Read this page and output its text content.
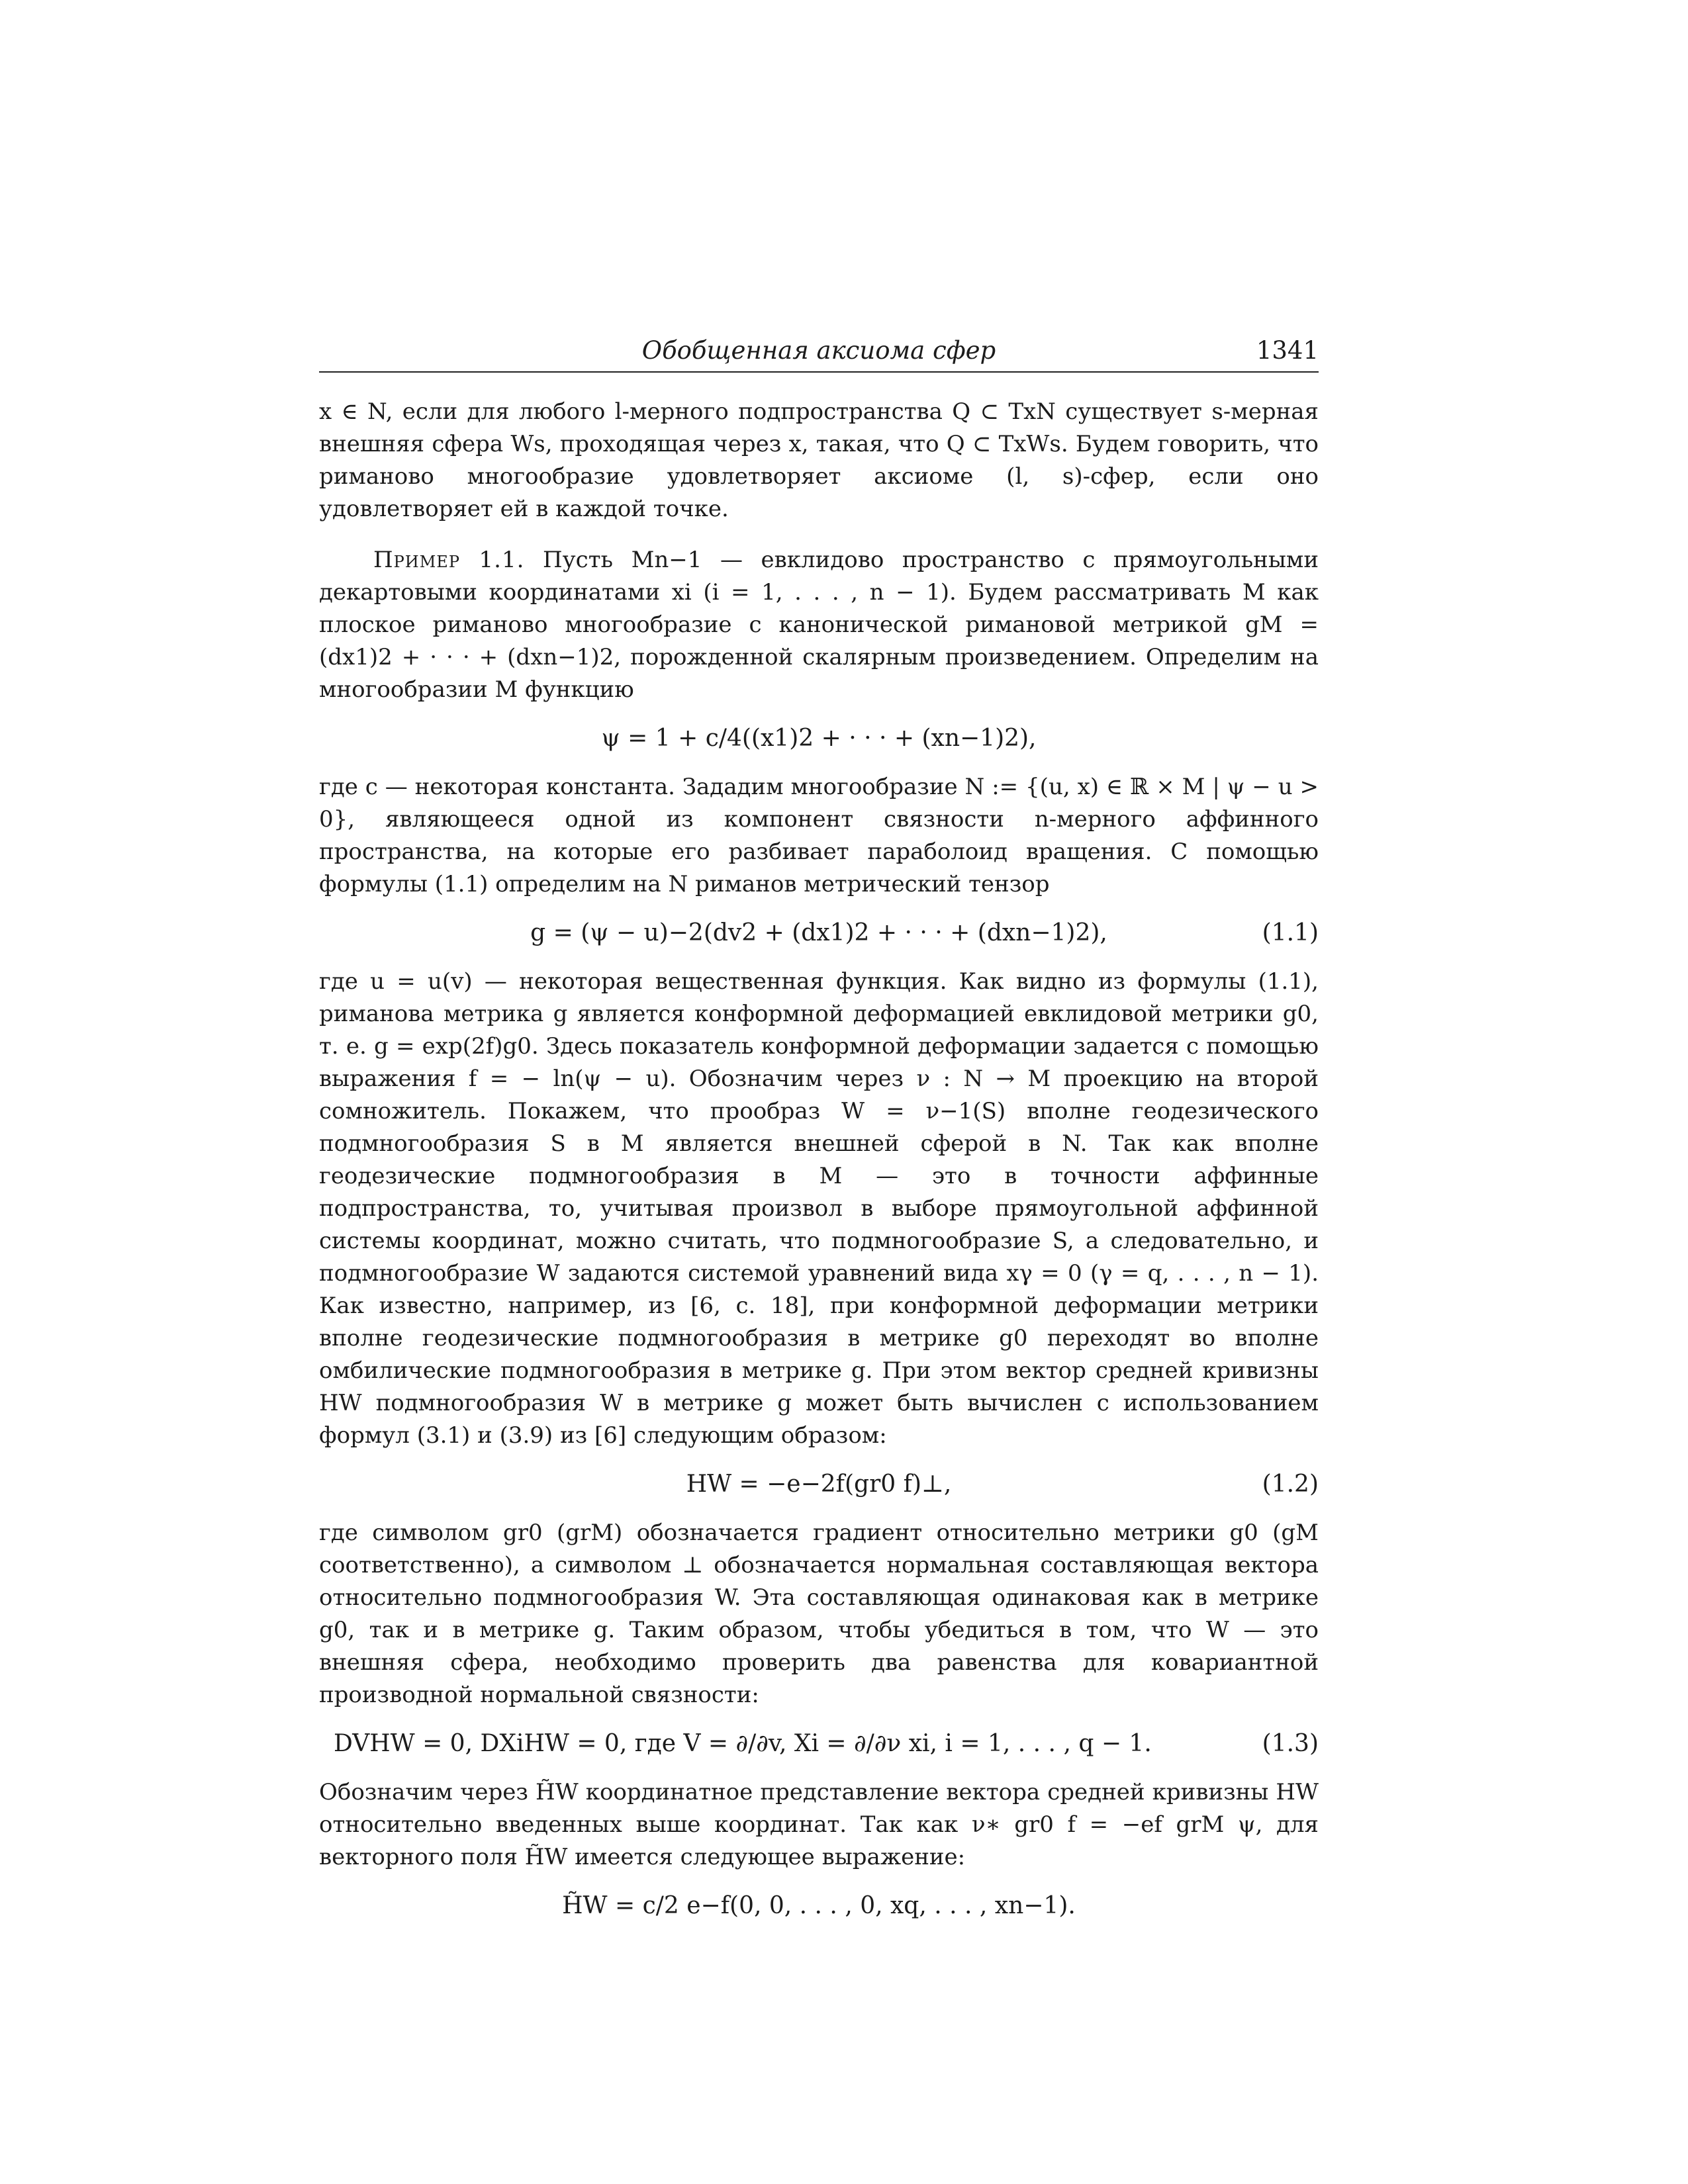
Обобщенная аксиома сфер	1341

x ∈ N, если для любого l-мерного подпространства Q ⊂ TxN существует s-мерная внешняя сфера Ws, проходящая через x, такая, что Q ⊂ TxWs. Будем говорить, что риманово многообразие удовлетворяет аксиоме (l, s)-сфер, если оно удовлетворяет ей в каждой точке.

Пример 1.1. Пусть Mn−1 — евклидово пространство с прямоугольными декартовыми координатами xi (i = 1, . . . , n − 1). Будем рассматривать M как плоское риманово многообразие с канонической римановой метрикой gM = (dx1)2 + · · · + (dxn−1)2, порожденной скалярным произведением. Определим на многообразии M функцию

ψ = 1 + c/4((x1)2 + · · · + (xn−1)2),

где c — некоторая константа. Зададим многообразие N := {(u, x) ∈ ℝ × M | ψ − u > 0}, являющееся одной из компонент связности n-мерного аффинного пространства, на которые его разбивает параболоид вращения. С помощью формулы (1.1) определим на N риманов метрический тензор

g = (ψ − u)−2(dv2 + (dx1)2 + · · · + (dxn−1)2),	(1.1)

где u = u(v) — некоторая вещественная функция. Как видно из формулы (1.1), риманова метрика g является конформной деформацией евклидовой метрики g0, т. е. g = exp(2f)g0. Здесь показатель конформной деформации задается с помощью выражения f = − ln(ψ − u). Обозначим через ν : N → M проекцию на второй сомножитель. Покажем, что прообраз W = ν−1(S) вполне геодезического подмногообразия S в M является внешней сферой в N. Так как вполне геодезические подмногообразия в M — это в точности аффинные подпространства, то, учитывая произвол в выборе прямоугольной аффинной системы координат, можно считать, что подмногообразие S, а следовательно, и подмногообразие W задаются системой уравнений вида xγ = 0 (γ = q, . . . , n − 1). Как известно, например, из [6, с. 18], при конформной деформации метрики вполне геодезические подмногообразия в метрике g0 переходят во вполне омбилические подмногообразия в метрике g. При этом вектор средней кривизны HW подмногообразия W в метрике g может быть вычислен с использованием формул (3.1) и (3.9) из [6] следующим образом:

HW = −e−2f(gr0 f)⊥,	(1.2)

где символом gr0 (grM) обозначается градиент относительно метрики g0 (gM соответственно), а символом ⊥ обозначается нормальная составляющая вектора относительно подмногообразия W. Эта составляющая одинаковая как в метрике g0, так и в метрике g. Таким образом, чтобы убедиться в том, что W — это внешняя сфера, необходимо проверить два равенства для ковариантной производной нормальной связности:

DVHW = 0, DXiHW = 0, где V = ∂/∂v, Xi = ∂/∂ν xi, i = 1, . . . , q − 1.	(1.3)

Обозначим через H̃W координатное представление вектора средней кривизны HW относительно введенных выше координат. Так как ν∗ gr0 f = −ef grM ψ, для векторного поля H̃W имеется следующее выражение:

H̃W = c/2 e−f(0, 0, . . . , 0, xq, . . . , xn−1).
